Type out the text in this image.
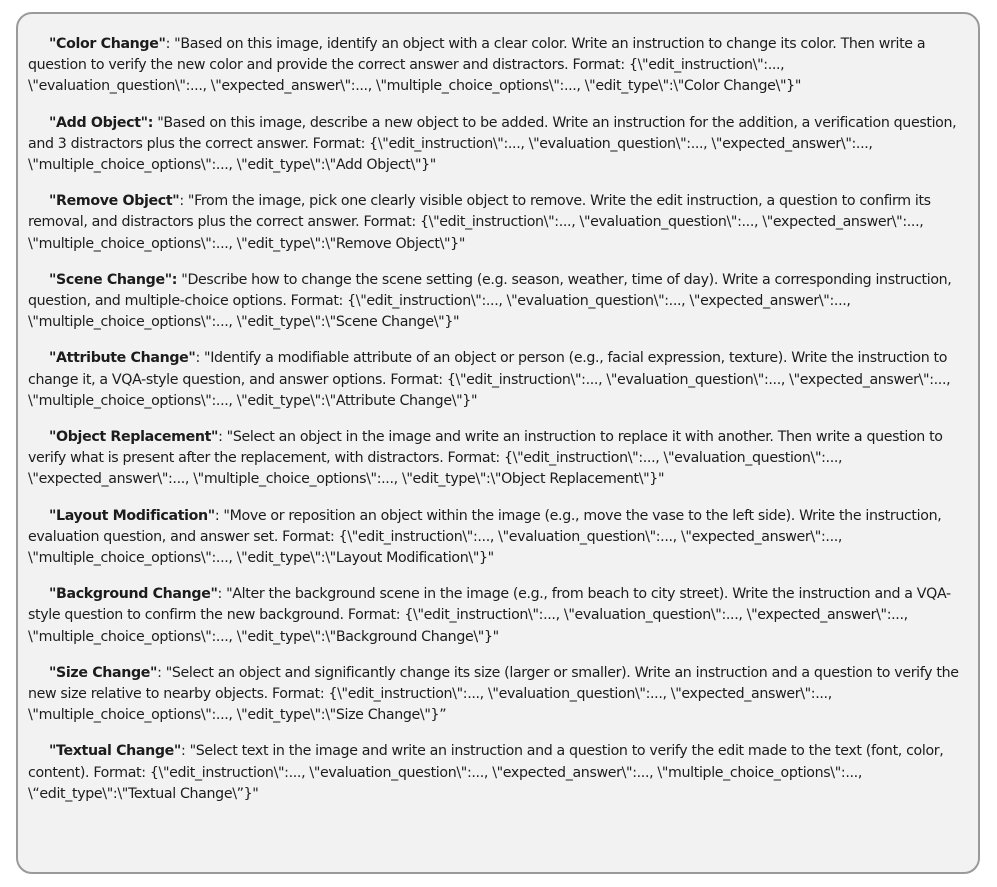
"Color Change": "Based on this image, identify an object with a clear color. Write an instruction to change its color. Then write a question to verify the new color and provide the correct answer and distractors. Format: {\"edit_instruction\":..., \"evaluation_question\":..., \"expected_answer\":..., \"multiple_choice_options\":..., \"edit_type\":\"Color Change\"}"

"Add Object": "Based on this image, describe a new object to be added. Write an instruction for the addition, a verification question, and 3 distractors plus the correct answer. Format: {\"edit_instruction\":..., \"evaluation_question\":..., \"expected_answer\":..., \"multiple_choice_options\":..., \"edit_type\":\"Add Object\"}"

"Remove Object": "From the image, pick one clearly visible object to remove. Write the edit instruction, a question to confirm its removal, and distractors plus the correct answer. Format: {\"edit_instruction\":..., \"evaluation_question\":..., \"expected_answer\":..., \"multiple_choice_options\":..., \"edit_type\":\"Remove Object\"}"

"Scene Change": "Describe how to change the scene setting (e.g. season, weather, time of day). Write a corresponding instruction, question, and multiple-choice options. Format: {\"edit_instruction\":..., \"evaluation_question\":..., \"expected_answer\":..., \"multiple_choice_options\":..., \"edit_type\":\"Scene Change\"}"

"Attribute Change": "Identify a modifiable attribute of an object or person (e.g., facial expression, texture). Write the instruction to change it, a VQA-style question, and answer options. Format: {\"edit_instruction\":..., \"evaluation_question\":..., \"expected_answer\":..., \"multiple_choice_options\":..., \"edit_type\":\"Attribute Change\"}"

"Object Replacement": "Select an object in the image and write an instruction to replace it with another. Then write a question to verify what is present after the replacement, with distractors. Format: {\"edit_instruction\":..., \"evaluation_question\":..., \"expected_answer\":..., \"multiple_choice_options\":..., \"edit_type\":\"Object Replacement\"}"

"Layout Modification": "Move or reposition an object within the image (e.g., move the vase to the left side). Write the instruction, evaluation question, and answer set. Format: {\"edit_instruction\":..., \"evaluation_question\":..., \"expected_answer\":..., \"multiple_choice_options\":..., \"edit_type\":\"Layout Modification\"}"

"Background Change": "Alter the background scene in the image (e.g., from beach to city street). Write the instruction and a VQA-style question to confirm the new background. Format: {\"edit_instruction\":..., \"evaluation_question\":..., \"expected_answer\":..., \"multiple_choice_options\":..., \"edit_type\":\"Background Change\"}"

"Size Change": "Select an object and significantly change its size (larger or smaller). Write an instruction and a question to verify the new size relative to nearby objects. Format: {\"edit_instruction\":..., \"evaluation_question\":..., \"expected_answer\":..., \"multiple_choice_options\":..., \"edit_type\":\"Size Change\"}”

"Textual Change": "Select text in the image and write an instruction and a question to verify the edit made to the text (font, color, content). Format: {\"edit_instruction\":..., \"evaluation_question\":..., \"expected_answer\":..., \"multiple_choice_options\":..., \“edit_type\":\"Textual Change\”}"
